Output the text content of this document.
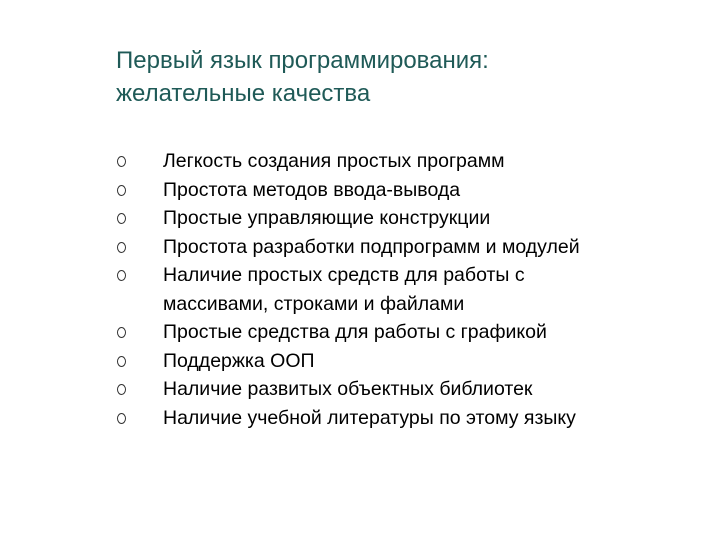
Первый язык программирования:
желательные качества
Легкость создания простых программ
Простота методов ввода-вывода
Простые управляющие конструкции
Простота разработки подпрограмм и модулей
Наличие простых средств для работы с
массивами, строками и файлами
Простые средства для работы с графикой
Поддержка ООП
Наличие развитых объектных библиотек
Наличие учебной литературы по этому языку
